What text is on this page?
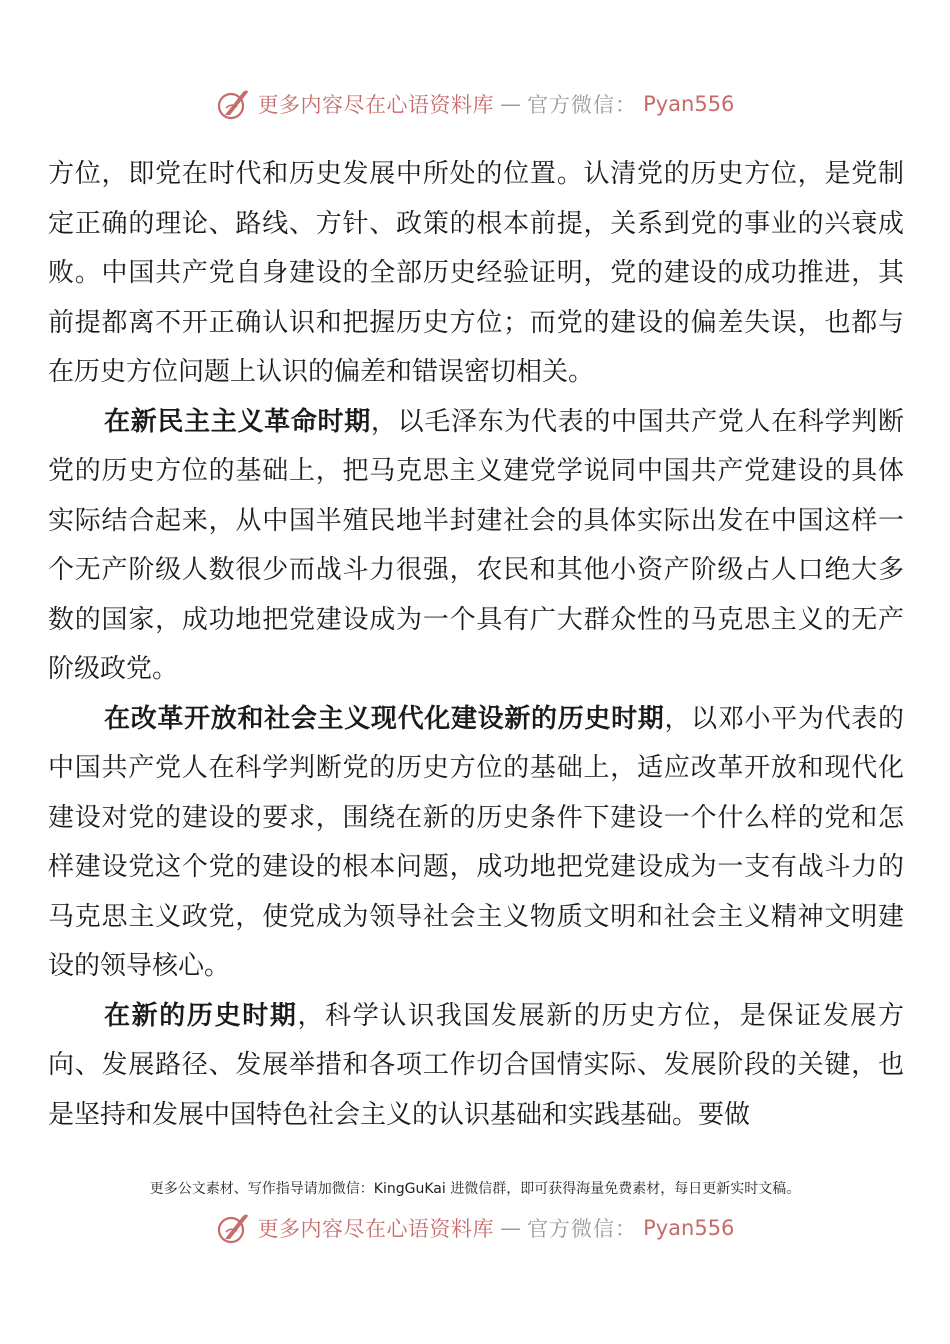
更多内容尽在心语资料库 — 官方微信： Pyan556

方位，即党在时代和历史发展中所处的位置。认清党的历史方位，是党制定正确的理论、路线、方针、政策的根本前提，关系到党的事业的兴衰成败。中国共产党自身建设的全部历史经验证明，党的建设的成功推进，其前提都离不开正确认识和把握历史方位；而党的建设的偏差失误，也都与在历史方位问题上认识的偏差和错误密切相关。

在新民主主义革命时期，以毛泽东为代表的中国共产党人在科学判断党的历史方位的基础上，把马克思主义建党学说同中国共产党建设的具体实际结合起来，从中国半殖民地半封建社会的具体实际出发在中国这样一个无产阶级人数很少而战斗力很强，农民和其他小资产阶级占人口绝大多数的国家，成功地把党建设成为一个具有广大群众性的马克思主义的无产阶级政党。

在改革开放和社会主义现代化建设新的历史时期，以邓小平为代表的中国共产党人在科学判断党的历史方位的基础上，适应改革开放和现代化建设对党的建设的要求，围绕在新的历史条件下建设一个什么样的党和怎样建设党这个党的建设的根本问题，成功地把党建设成为一支有战斗力的马克思主义政党，使党成为领导社会主义物质文明和社会主义精神文明建设的领导核心。

在新的历史时期，科学认识我国发展新的历史方位，是保证发展方向、发展路径、发展举措和各项工作切合国情实际、发展阶段的关键，也是坚持和发展中国特色社会主义的认识基础和实践基础。要做

更多公文素材、写作指导请加微信：KingGuKai 进微信群，即可获得海量免费素材，每日更新实时文稿。
更多内容尽在心语资料库 — 官方微信： Pyan556
